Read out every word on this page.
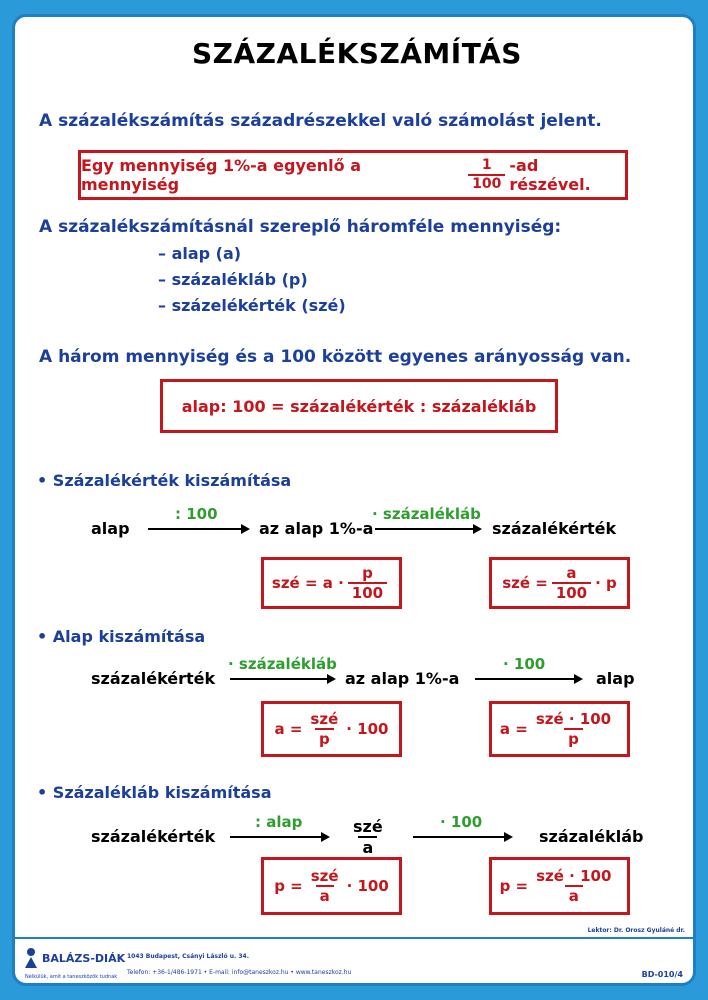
SZÁZALÉKSZÁMÍTÁS
A százalékszámítás századrészekkel való számolást jelent.
Egy mennyiség 1%-a egyenlő a mennyiség	$\frac{1}{100} -ad$ részével.
A százalékszámításnál szereplő háromféle mennyiség:
– alap (a)
– százalékláb (p)
– százelékérték (szé)
A három mennyiség és a 100 között egyenes arányosság van.
alap: 100 = százalékérték : százalékláb
• Százalékérték kiszámítása
alap
: 100
az alap 1%-a
· százalékláb
százalékérték
szé = $a \cdot \frac{p}{100}$	szé = $\frac{a}{100} \cdot p$
• Alap kiszámítása
százalékérték
· százalékláb
az alap 1%-a
· 100
alap
$a = \frac{\text{szé}}{p} \cdot 100$	$a = \frac{\text{szé · 100}}{p}$
• Százalékláb kiszámítása
százalékérték
: alap	szé
a
· 100
százalékláb
$p = \frac{\text{szé}}{a} \cdot 100$	$p = \frac{\text{szé · 100}}{a}$
Lektor: Dr. Orosz Gyuláné dr.
BALÁZS-DIÁK
Nélkülük, amit a taneszközök tudnak
1043 Budapest, Csányi László u. 34.
Telefon: +36-1/486-1971 • E-mail: info@taneszkoz.hu • www.taneszkoz.hu	BD-010/4
